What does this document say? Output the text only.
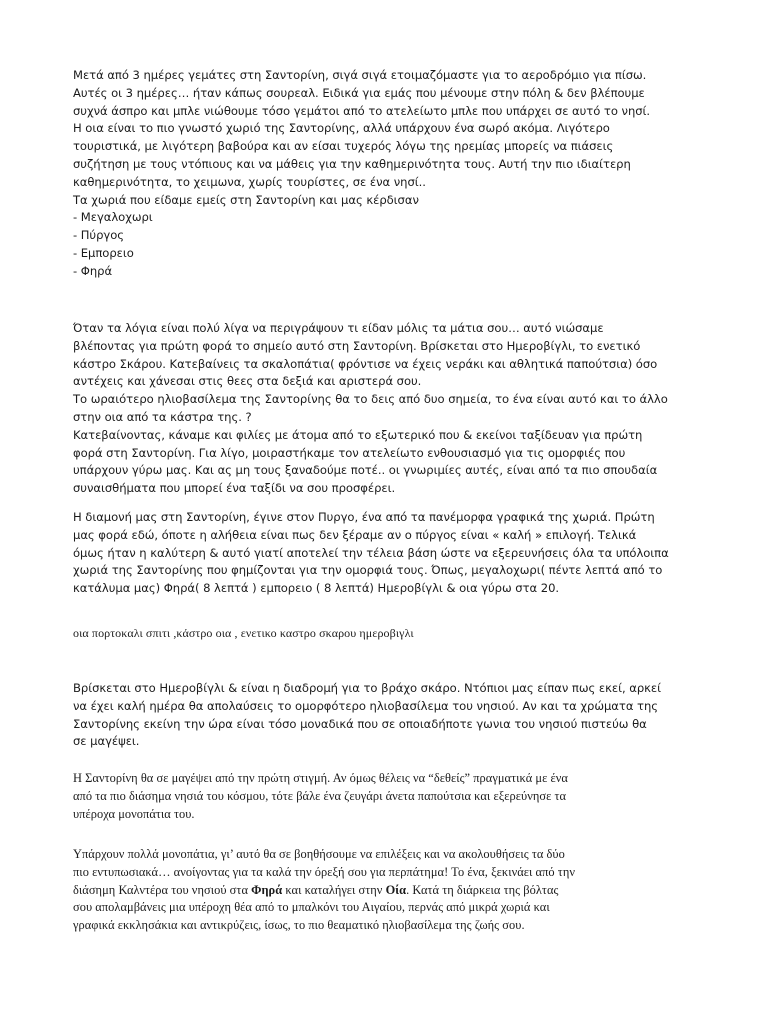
Μετά από 3 ημέρες γεμάτες στη Σαντορίνη, σιγά σιγά ετοιμαζόμαστε για το αεροδρόμιο για πίσω.
Αυτές οι 3 ημέρες… ήταν κάπως σουρεαλ. Ειδικά για εμάς που μένουμε στην πόλη & δεν βλέπουμε
συχνά άσπρο και μπλε νιώθουμε τόσο γεμάτοι από το ατελείωτο μπλε που υπάρχει σε αυτό το νησί.
Η οια είναι το πιο γνωστό χωριό της Σαντορίνης, αλλά υπάρχουν ένα σωρό ακόμα. Λιγότερο
τουριστικά, με λιγότερη βαβούρα και αν είσαι τυχερός λόγω της ηρεμίας μπορείς να πιάσεις
συζήτηση με τους ντόπιους και να μάθεις για την καθημερινότητα τους. Αυτή την πιο ιδιαίτερη
καθημερινότητα, το χειμωνα, χωρίς τουρίστες, σε ένα νησί..
Τα χωριά που είδαμε εμείς στη Σαντορίνη και μας κέρδισαν
- Μεγαλοχωρι
- Πύργος
- Εμπορειο
- Φηρά
Όταν τα λόγια είναι πολύ λίγα να περιγράψουν τι είδαν μόλις τα μάτια σου… αυτό νιώσαμε
βλέποντας για πρώτη φορά το σημείο αυτό στη Σαντορίνη. Βρίσκεται στο Ημεροβίγλι, το ενετικό
κάστρο Σκάρου. Κατεβαίνεις τα σκαλοπάτια( φρόντισε να έχεις νεράκι και αθλητικά παπούτσια) όσο
αντέχεις και χάνεσαι στις θεες στα δεξιά και αριστερά σου.
Το ωραιότερο ηλιοβασίλεμα της Σαντορίνης θα το δεις από δυο σημεία, το ένα είναι αυτό και το άλλο
στην οια από τα κάστρα της. ?
Κατεβαίνοντας, κάναμε και φιλίες με άτομα από το εξωτερικό που & εκείνοι ταξίδευαν για πρώτη
φορά στη Σαντορίνη. Για λίγο, μοιραστήκαμε τον ατελείωτο ενθουσιασμό για τις ομορφιές που
υπάρχουν γύρω μας. Και ας μη τους ξαναδούμε ποτέ.. οι γνωριμίες αυτές, είναι από τα πιο σπουδαία
συναισθήματα που μπορεί ένα ταξίδι να σου προσφέρει.
Η διαμονή μας στη Σαντορίνη, έγινε στον Πυργο, ένα από τα πανέμορφα γραφικά της χωριά. Πρώτη
μας φορά εδώ, όποτε η αλήθεια είναι πως δεν ξέραμε αν ο πύργος είναι « καλή » επιλογή. Τελικά
όμως ήταν η καλύτερη & αυτό γιατί αποτελεί την τέλεια βάση ώστε να εξερευνήσεις όλα τα υπόλοιπα
χωριά της Σαντορίνης που φημίζονται για την ομορφιά τους. Όπως, μεγαλοχωρι( πέντε λεπτά από το
κατάλυμα μας) Φηρά( 8 λεπτά ) εμπορειο ( 8 λεπτά) Ημεροβίγλι & οια γύρω στα 20.
οια πορτοκαλι σπιτι ,κάστρο οια , ενετικο καστρο σκαρου ημεροβιγλι
Βρίσκεται στο Ημεροβίγλι & είναι η διαδρομή για το βράχο σκάρο. Ντόπιοι μας είπαν πως εκεί, αρκεί
να έχει καλή ημέρα θα απολαύσεις το ομορφότερο ηλιοβασίλεμα του νησιού. Αν και τα χρώματα της
Σαντορίνης εκείνη την ώρα είναι τόσο μοναδικά που σε οποιαδήποτε γωνια του νησιού πιστεύω θα
σε μαγέψει.
Η Σαντορίνη θα σε μαγέψει από την πρώτη στιγμή. Αν όμως θέλεις να “δεθείς” πραγματικά με ένα
από τα πιο διάσημα νησιά του κόσμου, τότε βάλε ένα ζευγάρι άνετα παπούτσια και εξερεύνησε τα
υπέροχα μονοπάτια του.
Υπάρχουν πολλά μονοπάτια, γι’ αυτό θα σε βοηθήσουμε να επιλέξεις και να ακολουθήσεις τα δύο
πιο εντυπωσιακά… ανοίγοντας για τα καλά την όρεξή σου για περπάτημα! Το ένα, ξεκινάει από την
διάσημη Καλντέρα του νησιού στα Φηρά και καταλήγει στην Οία. Κατά τη διάρκεια της βόλτας
σου απολαμβάνεις μια υπέροχη θέα από το μπαλκόνι του Αιγαίου, περνάς από μικρά χωριά και
γραφικά εκκλησάκια και αντικρύζεις, ίσως, το πιο θεαματικό ηλιοβασίλεμα της ζωής σου.
